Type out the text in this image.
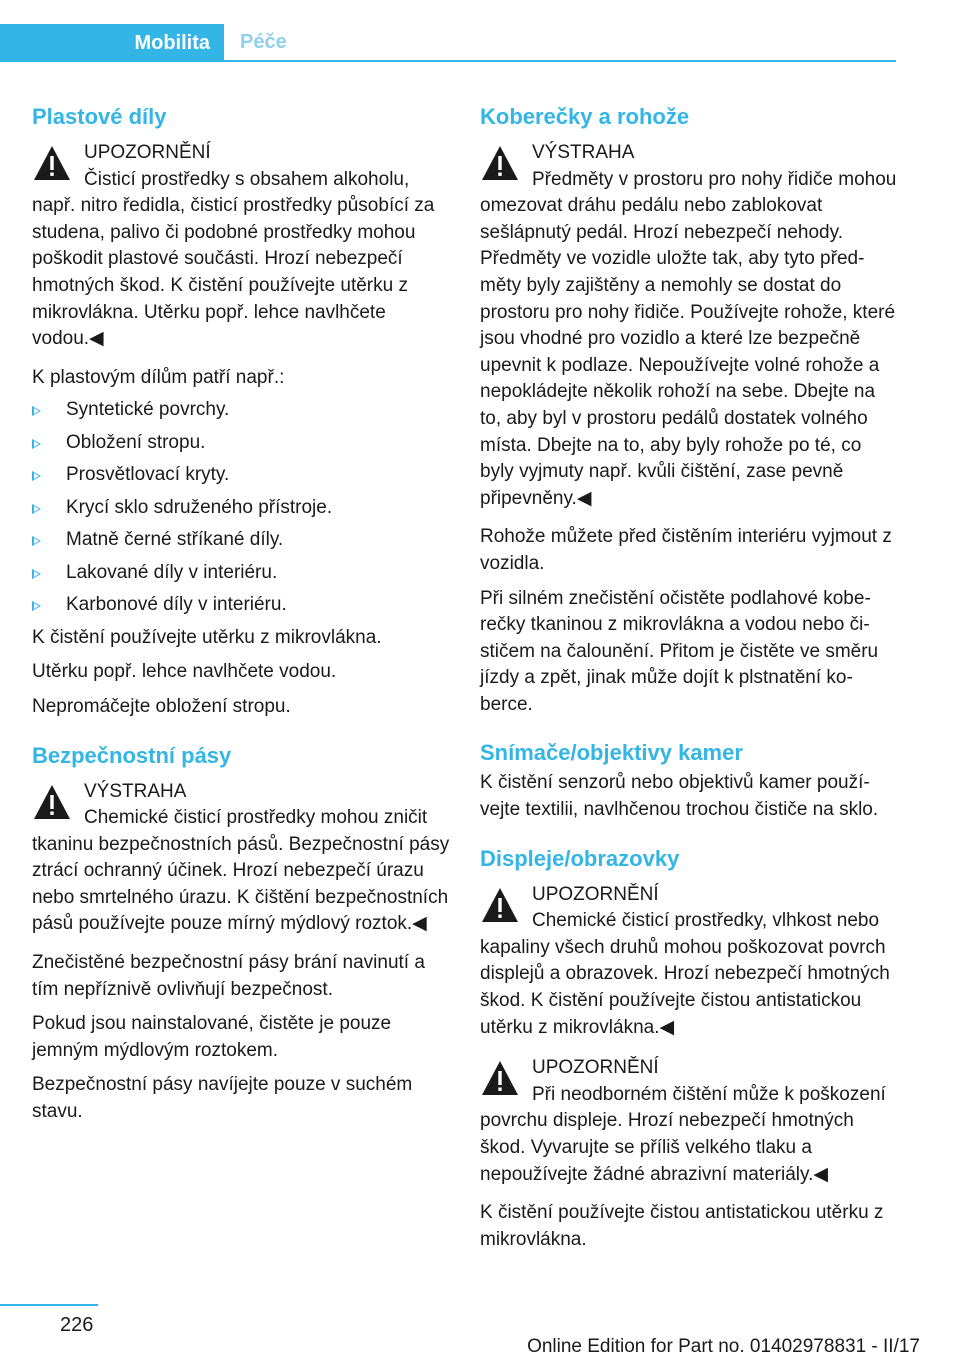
Mobilita Péče
Plastové díly
UPOZORNĚNÍ

Čisticí prostředky s obsahem alkoholu, např. nitro ředidla, čisticí prostředky působící za studena, palivo či podobné prostředky mohou poškodit plastové součásti. Hrozí nebezpečí hmotných škod. K čistění používejte utěrku z mikrovlákna. Utěrku popř. lehce navlhčete vodou.◀

K plastovým dílům patří např.:

Syntetické povrchy.
Obložení stropu.
Prosvětlovací kryty.
Krycí sklo sdruženého přístroje.
Matně černé stříkané díly.
Lakované díly v interiéru.
Karbonové díly v interiéru.

K čistění používejte utěrku z mikrovlákna.

Utěrku popř. lehce navlhčete vodou.

Nepromáčejte obložení stropu.

Bezpečnostní pásy
VÝSTRAHA

Chemické čisticí prostředky mohou zničit tkaninu bezpečnostních pásů. Bezpečnostní pásy ztrácí ochranný účinek. Hrozí nebezpečí úrazu nebo smrtelného úrazu. K čištění bezpečnostních pásů používejte pouze mírný mýdlový roztok.◀

Znečistěné bezpečnostní pásy brání navinutí a tím nepříznivě ovlivňují bezpečnost.

Pokud jsou nainstalované, čistěte je pouze jemným mýdlovým roztokem.

Bezpečnostní pásy navíjejte pouze v suchém stavu.

Koberečky a rohože
VÝSTRAHA

Předměty v prostoru pro nohy řidiče mohou omezovat dráhu pedálu nebo zablokovat sešlápnutý pedál. Hrozí nebezpečí nehody. Předměty ve vozidle uložte tak, aby tyto předměty byly zajištěny a nemohly se dostat do prostoru pro nohy řidiče. Používejte rohože, které jsou vhodné pro vozidlo a které lze bezpečně upevnit k podlaze. Nepoužívejte volné rohože a nepokládejte několik rohoží na sebe. Dbejte na to, aby byl v prostoru pedálů dostatek volného místa. Dbejte na to, aby byly rohože po té, co byly vyjmuty např. kvůli čištění, zase pevně připevněny.◀

Rohože můžete před čistěním interiéru vyjmout z vozidla.

Při silném znečistění očistěte podlahové koberečky tkaninou z mikrovlákna a vodou nebo čističem na čalounění. Přitom je čistěte ve směru jízdy a zpět, jinak může dojít k plstnatění koberce.

Snímače/objektivy kamer

K čistění senzorů nebo objektivů kamer používejte textilii, navlhčenou trochou čističe na sklo.

Displeje/obrazovky
UPOZORNĚNÍ

Chemické čisticí prostředky, vlhkost nebo kapaliny všech druhů mohou poškozovat povrch displejů a obrazovek. Hrozí nebezpečí hmotných škod. K čistění používejte čistou antistatickou utěrku z mikrovlákna.◀

UPOZORNĚNÍ

Při neodborném čištění může k poškození povrchu displeje. Hrozí nebezpečí hmotných škod. Vyvarujte se příliš velkého tlaku a nepoužívejte žádné abrazivní materiály.◀

K čistění používejte čistou antistatickou utěrku z mikrovlákna.

226
Online Edition for Part no. 01402978831 - II/17
